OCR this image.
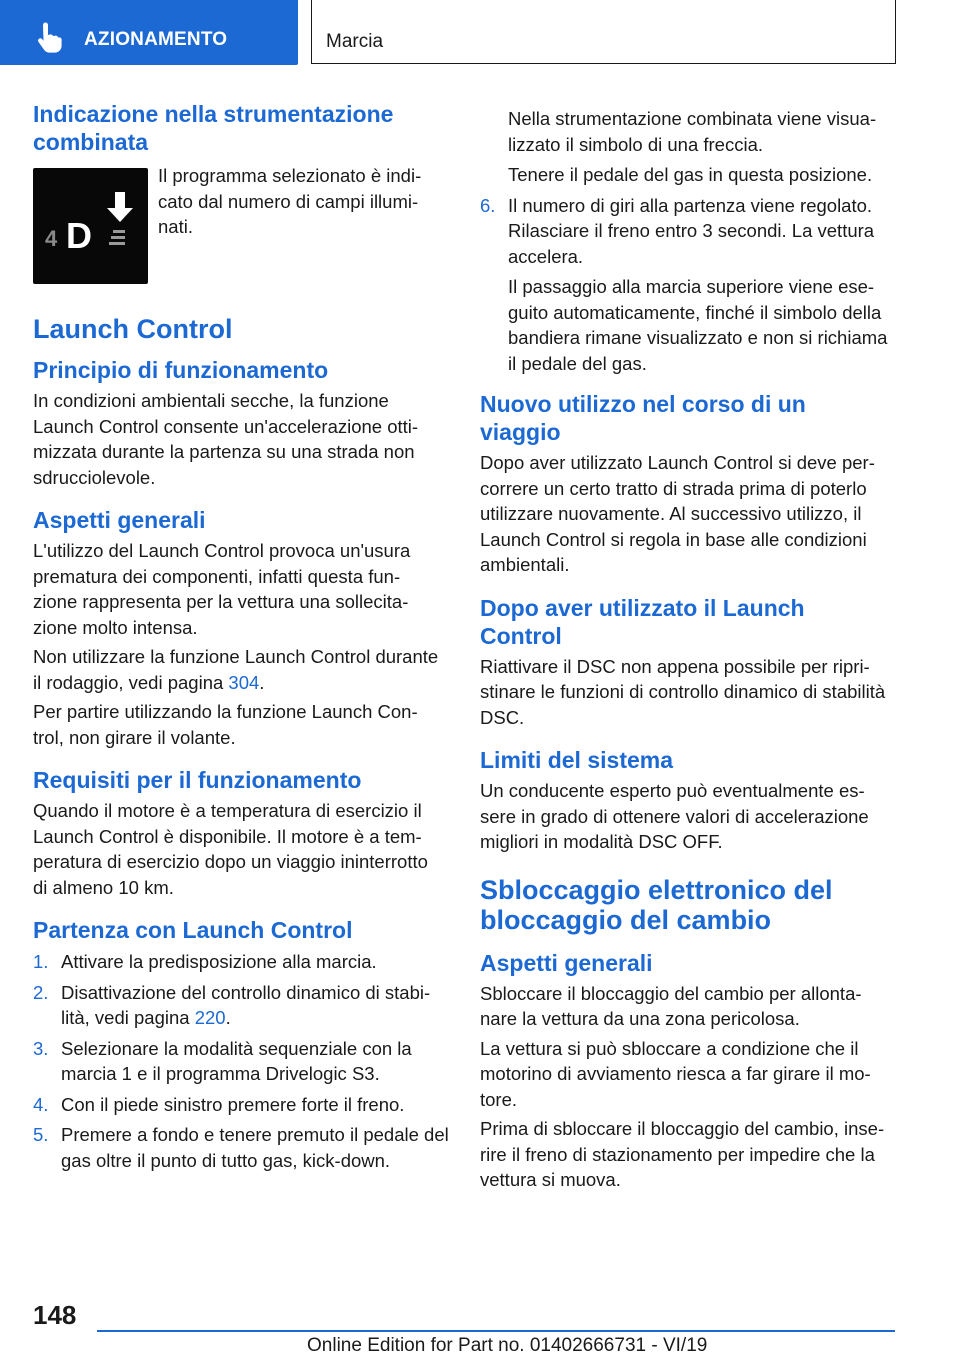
AZIONAMENTO	Marcia
Indicazione nella strumentazione combinata
4 D

Il programma selezionato è indi-cato dal numero di campi illumi-nati.

Launch Control
Principio di funzionamento

In condizioni ambientali secche, la funzione Launch Control consente un'accelerazione otti-mizzata durante la partenza su una strada non sdrucciolevole.

Aspetti generali

L'utilizzo del Launch Control provoca un'usura prematura dei componenti, infatti questa fun-zione rappresenta per la vettura una sollecita-zione molto intensa.

Non utilizzare la funzione Launch Control durante il rodaggio, vedi pagina 304.

Per partire utilizzando la funzione Launch Con-trol, non girare il volante.

Requisiti per il funzionamento

Quando il motore è a temperatura di esercizio il Launch Control è disponibile. Il motore è a tem-peratura di esercizio dopo un viaggio ininterrotto di almeno 10 km.

Partenza con Launch Control
1. Attivare la predisposizione alla marcia.
2. Disattivazione del controllo dinamico di stabi-lità, vedi pagina 220.
3. Selezionare la modalità sequenziale con la marcia 1 e il programma Drivelogic S3.
4. Con il piede sinistro premere forte il freno.
5. Premere a fondo e tenere premuto il pedale del gas oltre il punto di tutto gas, kick-down.

Nella strumentazione combinata viene visua-lizzato il simbolo di una freccia.

Tenere il pedale del gas in questa posizione.

6. Il numero di giri alla partenza viene regolato. Rilasciare il freno entro 3 secondi. La vettura accelera.

Il passaggio alla marcia superiore viene ese-guito automaticamente, finché il simbolo della bandiera rimane visualizzato e non si richiama il pedale del gas.

Nuovo utilizzo nel corso di un viaggio

Dopo aver utilizzato Launch Control si deve per-correre un certo tratto di strada prima di poterlo utilizzare nuovamente. Al successivo utilizzo, il Launch Control si regola in base alle condizioni ambientali.

Dopo aver utilizzato il Launch Control

Riattivare il DSC non appena possibile per ripri-stinare le funzioni di controllo dinamico di stabilità DSC.

Limiti del sistema

Un conducente esperto può eventualmente es-sere in grado di ottenere valori di accelerazione migliori in modalità DSC OFF.

Sbloccaggio elettronico del bloccaggio del cambio
Aspetti generali

Sbloccare il bloccaggio del cambio per allonta-nare la vettura da una zona pericolosa.

La vettura si può sbloccare a condizione che il motorino di avviamento riesca a far girare il mo-tore.

Prima di sbloccare il bloccaggio del cambio, inse-rire il freno di stazionamento per impedire che la vettura si muova.

148
Online Edition for Part no. 01402666731 - VI/19
